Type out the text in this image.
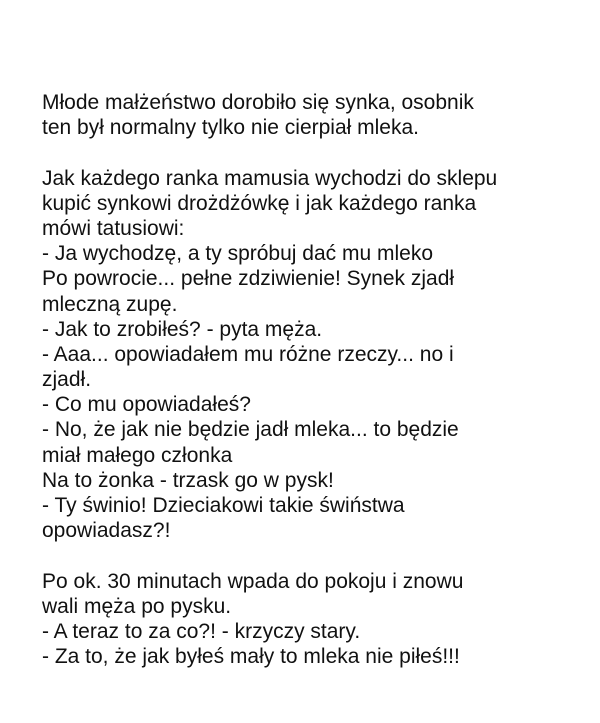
Młode małżeństwo dorobiło się synka, osobnik
ten był normalny tylko nie cierpiał mleka.
Jak każdego ranka mamusia wychodzi do sklepu
kupić synkowi drożdżówkę i jak każdego ranka
mówi tatusiowi:
- Ja wychodzę, a ty spróbuj dać mu mleko
Po powrocie... pełne zdziwienie! Synek zjadł
mleczną zupę.
- Jak to zrobiłeś? - pyta męża.
- Aaa... opowiadałem mu różne rzeczy... no i
zjadł.
- Co mu opowiadałeś?
- No, że jak nie będzie jadł mleka... to będzie
miał małego członka
Na to żonka - trzask go w pysk!
- Ty świnio! Dzieciakowi takie świństwa
opowiadasz?!
Po ok. 30 minutach wpada do pokoju i znowu
wali męża po pysku.
- A teraz to za co?! - krzyczy stary.
- Za to, że jak byłeś mały to mleka nie piłeś!!!
